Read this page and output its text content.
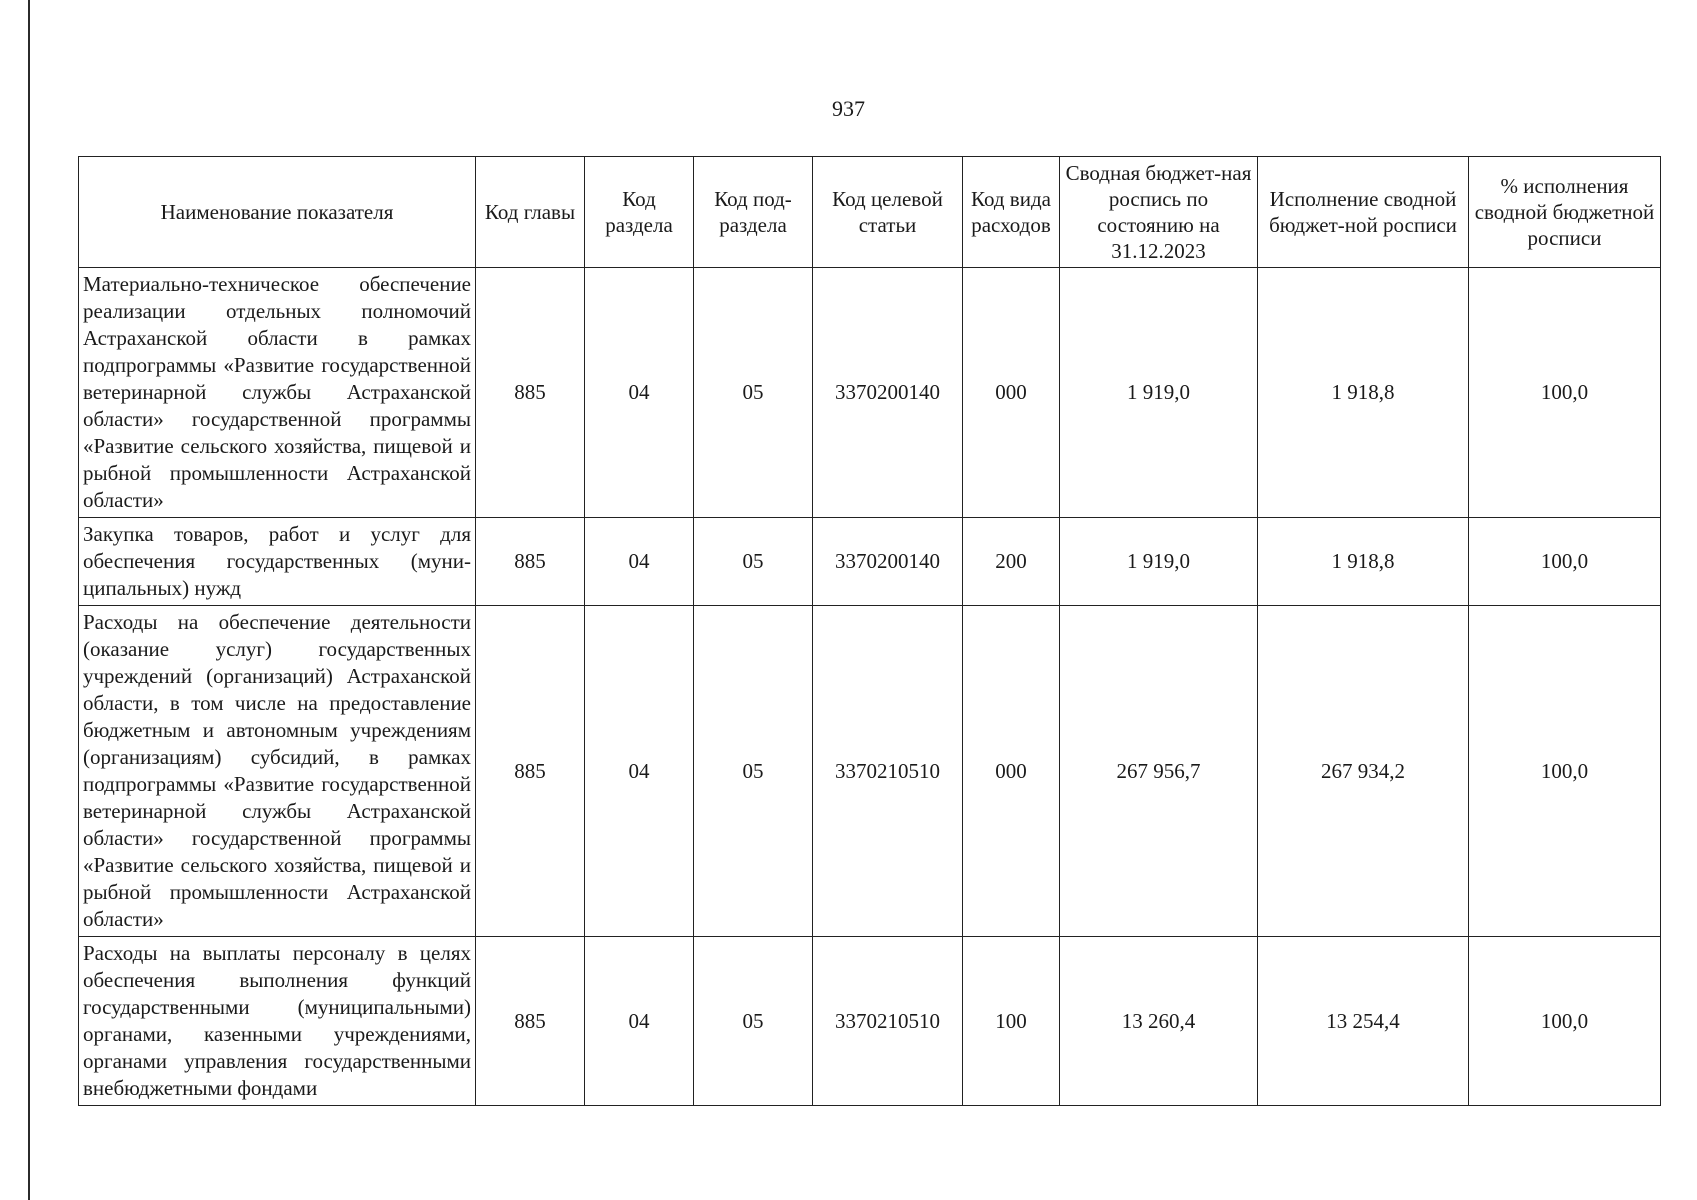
937
Наименование показателя	Код главы	Код раздела	Код под-раздела	Код целевой статьи	Код вида расходов	Сводная бюджет-ная роспись по состоянию на 31.12.2023	Исполнение сводной бюджет-ной росписи	% исполнения сводной бюджетной росписи
Материально-техническое обеспечение реализации отдельных полномочий Астраханской области в рамках подпрограммы «Развитие государственной ветеринарной службы Астраханской области» государственной программы «Развитие сельского хозяйства, пищевой и рыбной промышленности Астраханской области»	885	04	05	3370200140	000	1 919,0	1 918,8	100,0
Закупка товаров, работ и услуг для обеспечения государственных (муниципальных) нужд	885	04	05	3370200140	200	1 919,0	1 918,8	100,0
Расходы на обеспечение деятельности (оказание услуг) государственных учреждений (организаций) Астраханской области, в том числе на предоставление бюджетным и автономным учреждениям (организациям) субсидий, в рамках подпрограммы «Развитие государственной ветеринарной службы Астраханской области» государственной программы «Развитие сельского хозяйства, пищевой и рыбной промышленности Астраханской области»	885	04	05	3370210510	000	267 956,7	267 934,2	100,0
Расходы на выплаты персоналу в целях обеспечения выполнения функций государственными (муниципальными) органами, казенными учреждениями, органами управления государственными внебюджетными фондами	885	04	05	3370210510	100	13 260,4	13 254,4	100,0
